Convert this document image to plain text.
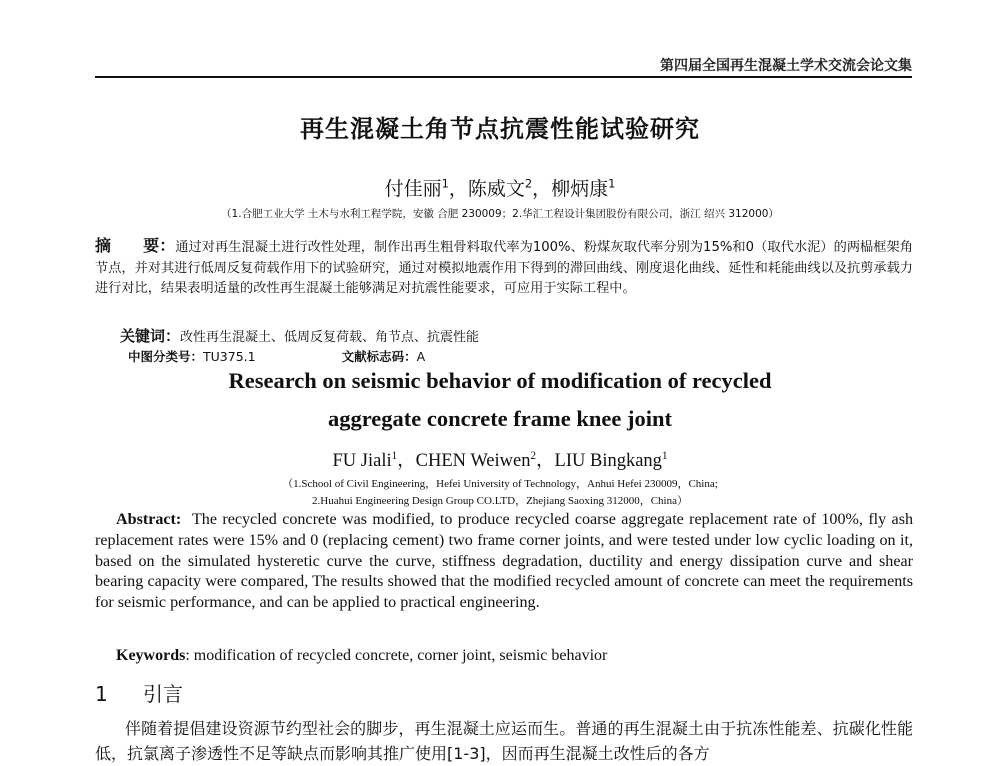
第四届全国再生混凝土学术交流会论文集
再生混凝土角节点抗震性能试验研究
付佳丽$^1$，陈威文$^2$，柳炳康$^1$
（1.合肥工业大学 土木与水利工程学院，安徽 合肥 230009；2.华汇工程设计集团股份有限公司，浙江 绍兴 312000）
摘　　要：通过对再生混凝土进行改性处理，制作出再生粗骨料取代率为100%、粉煤灰取代率分别为15%和0（取代水泥）的两榀框架角节点，并对其进行低周反复荷载作用下的试验研究，通过对模拟地震作用下得到的滞回曲线、刚度退化曲线、延性和耗能曲线以及抗剪承载力进行对比，结果表明适量的改性再生混凝土能够满足对抗震性能要求，可应用于实际工程中。
关键词：改性再生混凝土、低周反复荷载、角节点、抗震性能
中图分类号：TU375.1	文献标志码：A
Research on seismic behavior of modification of recycled
aggregate concrete frame knee joint
FU Jiali$^1$，CHEN Weiwen$^2$，LIU Bingkang$^1$
（1.School of Civil Engineering，Hefei University of Technology，Anhui Hefei 230009，China;
2.Huahui Engineering Design Group CO.LTD，Zhejiang Saoxing 312000，China）
Abstract: The recycled concrete was modified, to produce recycled coarse aggregate replacement rate of 100%, fly ash replacement rates were 15% and 0 (replacing cement) two frame corner joints, and were tested under low cyclic loading on it, based on the simulated hysteretic curve the curve, stiffness degradation, ductility and energy dissipation curve and shear bearing capacity were compared, The results showed that the modified recycled amount of concrete can meet the requirements for seismic performance, and can be applied to practical engineering.
Keywords: modification of recycled concrete, corner joint, seismic behavior
1 引言
伴随着提倡建设资源节约型社会的脚步，再生混凝土应运而生。普通的再生混凝土由于抗冻性能差、抗碳化性能低，抗氯离子渗透性不足等缺点而影响其推广使用[1-3]，因而再生混凝土改性后的各方
